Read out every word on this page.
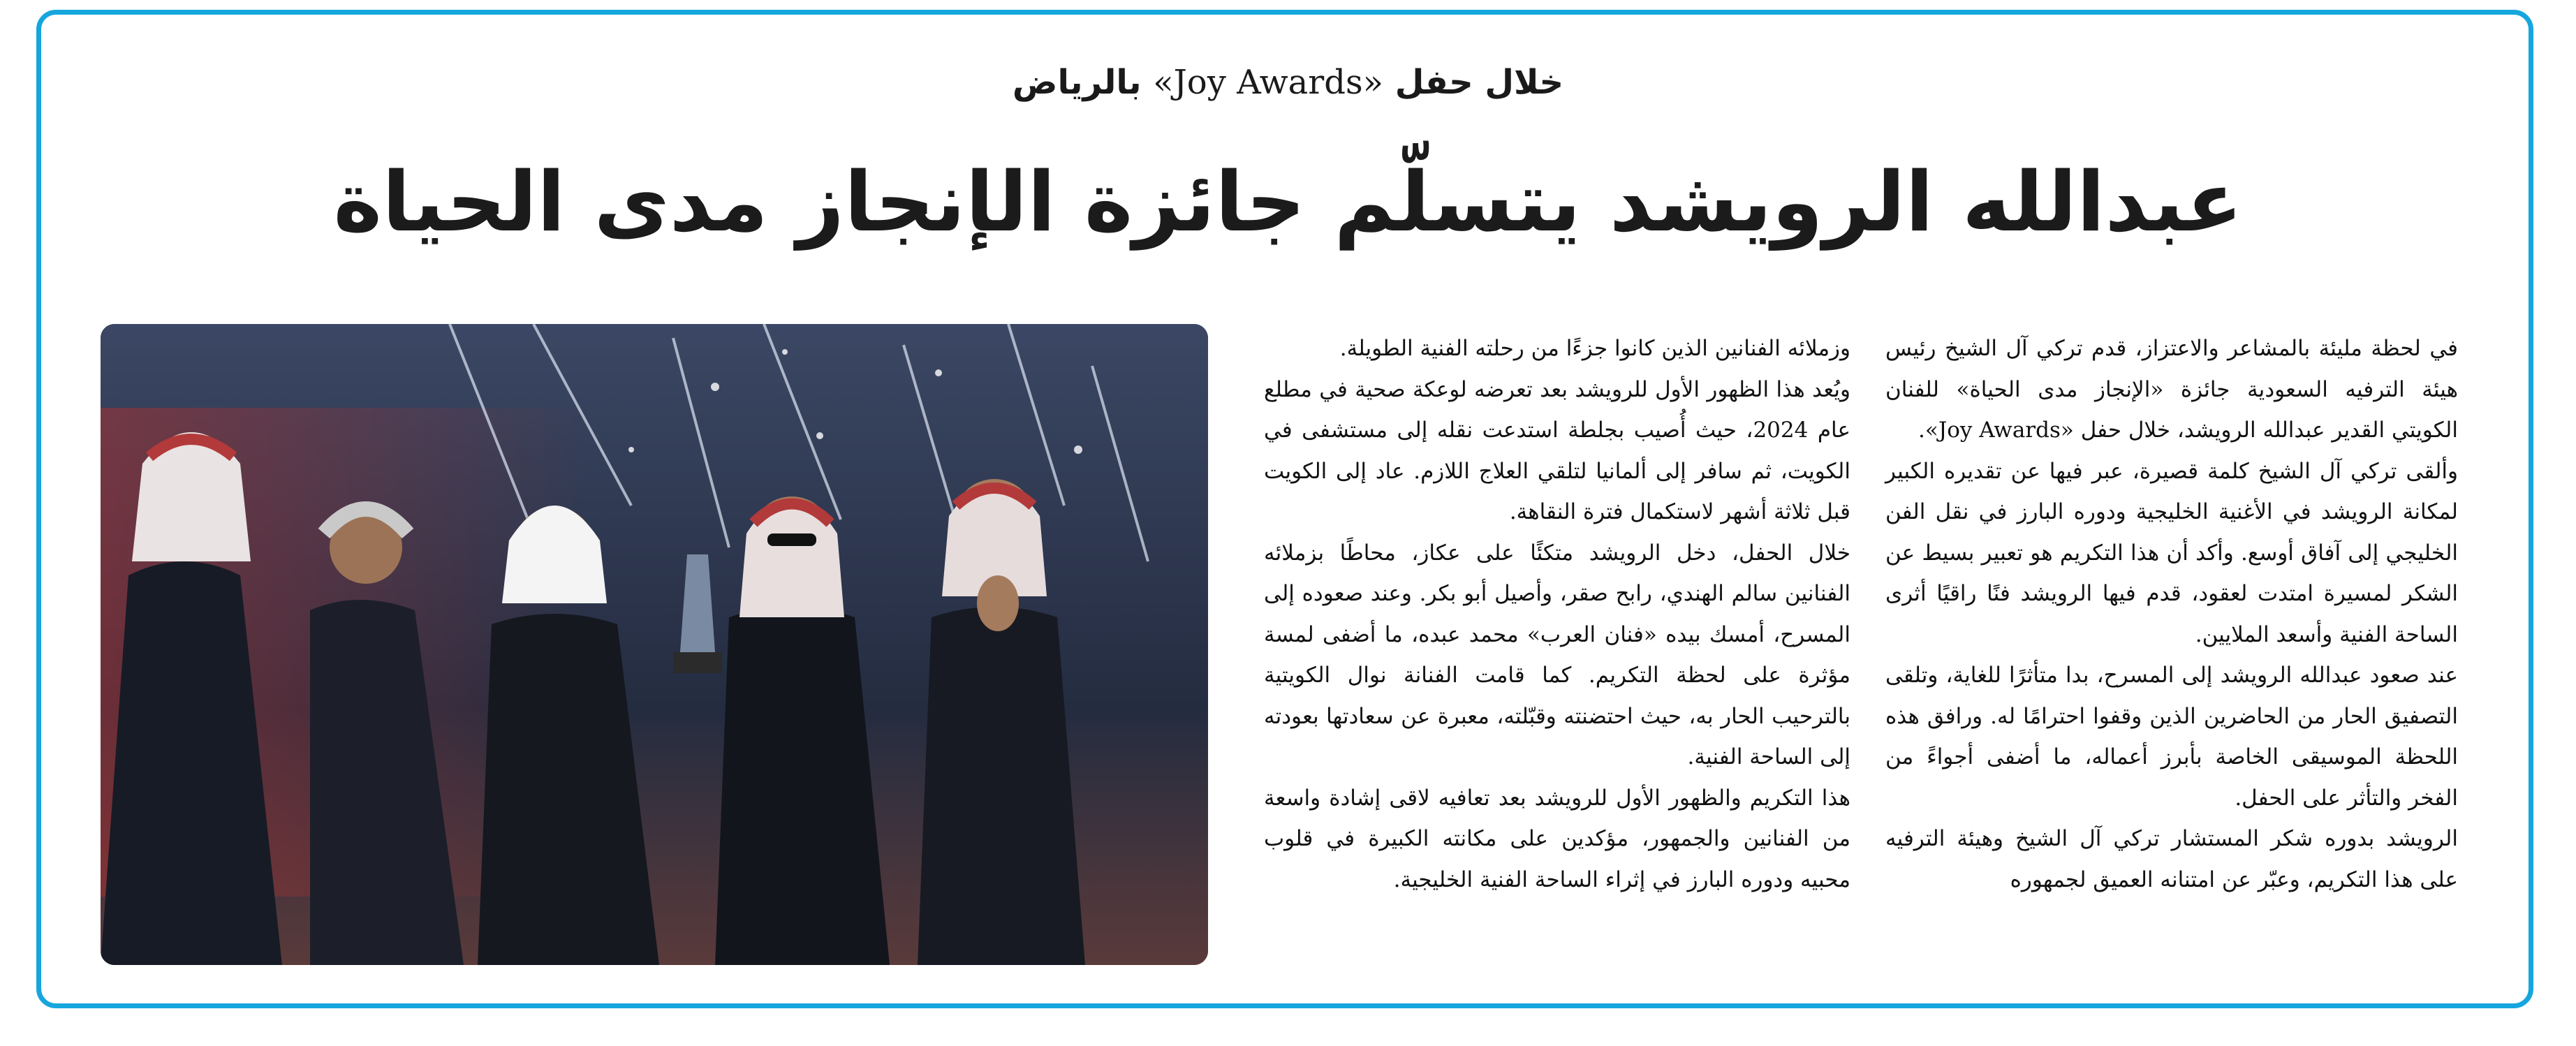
خلال حفل «Joy Awards» بالرياض
عبدالله الرويشد يتسلّم جائزة الإنجاز مدى الحياة

في لحظة مليئة بالمشاعر والاعتزاز، قدم تركي آل الشيخ رئيس هيئة الترفيه السعودية جائزة «الإنجاز مدى الحياة» للفنان الكويتي القدير عبدالله الرويشد، خلال حفل «Joy Awards».

وألقى تركي آل الشيخ كلمة قصيرة، عبر فيها عن تقديره الكبير لمكانة الرويشد في الأغنية الخليجية ودوره البارز في نقل الفن الخليجي إلى آفاق أوسع. وأكد أن هذا التكريم هو تعبير بسيط عن الشكر لمسيرة امتدت لعقود، قدم فيها الرويشد فنًا راقيًا أثرى الساحة الفنية وأسعد الملايين.

عند صعود عبدالله الرويشد إلى المسرح، بدا متأثرًا للغاية، وتلقى التصفيق الحار من الحاضرين الذين وقفوا احترامًا له. ورافق هذه اللحظة الموسيقى الخاصة بأبرز أعماله، ما أضفى أجواءً من الفخر والتأثر على الحفل.

الرويشد بدوره شكر المستشار تركي آل الشيخ وهيئة الترفيه على هذا التكريم، وعبّر عن امتنانه العميق لجمهوره

وزملائه الفنانين الذين كانوا جزءًا من رحلته الفنية الطويلة.

ويُعد هذا الظهور الأول للرويشد بعد تعرضه لوعكة صحية في مطلع عام 2024، حيث أُصيب بجلطة استدعت نقله إلى مستشفى في الكويت، ثم سافر إلى ألمانيا لتلقي العلاج اللازم. عاد إلى الكويت قبل ثلاثة أشهر لاستكمال فترة النقاهة.

خلال الحفل، دخل الرويشد متكئًا على عكاز، محاطًا بزملائه الفنانين سالم الهندي، رابح صقر، وأصيل أبو بكر. وعند صعوده إلى المسرح، أمسك بيده «فنان العرب» محمد عبده، ما أضفى لمسة مؤثرة على لحظة التكريم. كما قامت الفنانة نوال الكويتية بالترحيب الحار به، حيث احتضنته وقبّلته، معبرة عن سعادتها بعودته إلى الساحة الفنية.

هذا التكريم والظهور الأول للرويشد بعد تعافيه لاقى إشادة واسعة من الفنانين والجمهور، مؤكدين على مكانته الكبيرة في قلوب محبيه ودوره البارز في إثراء الساحة الفنية الخليجية.
